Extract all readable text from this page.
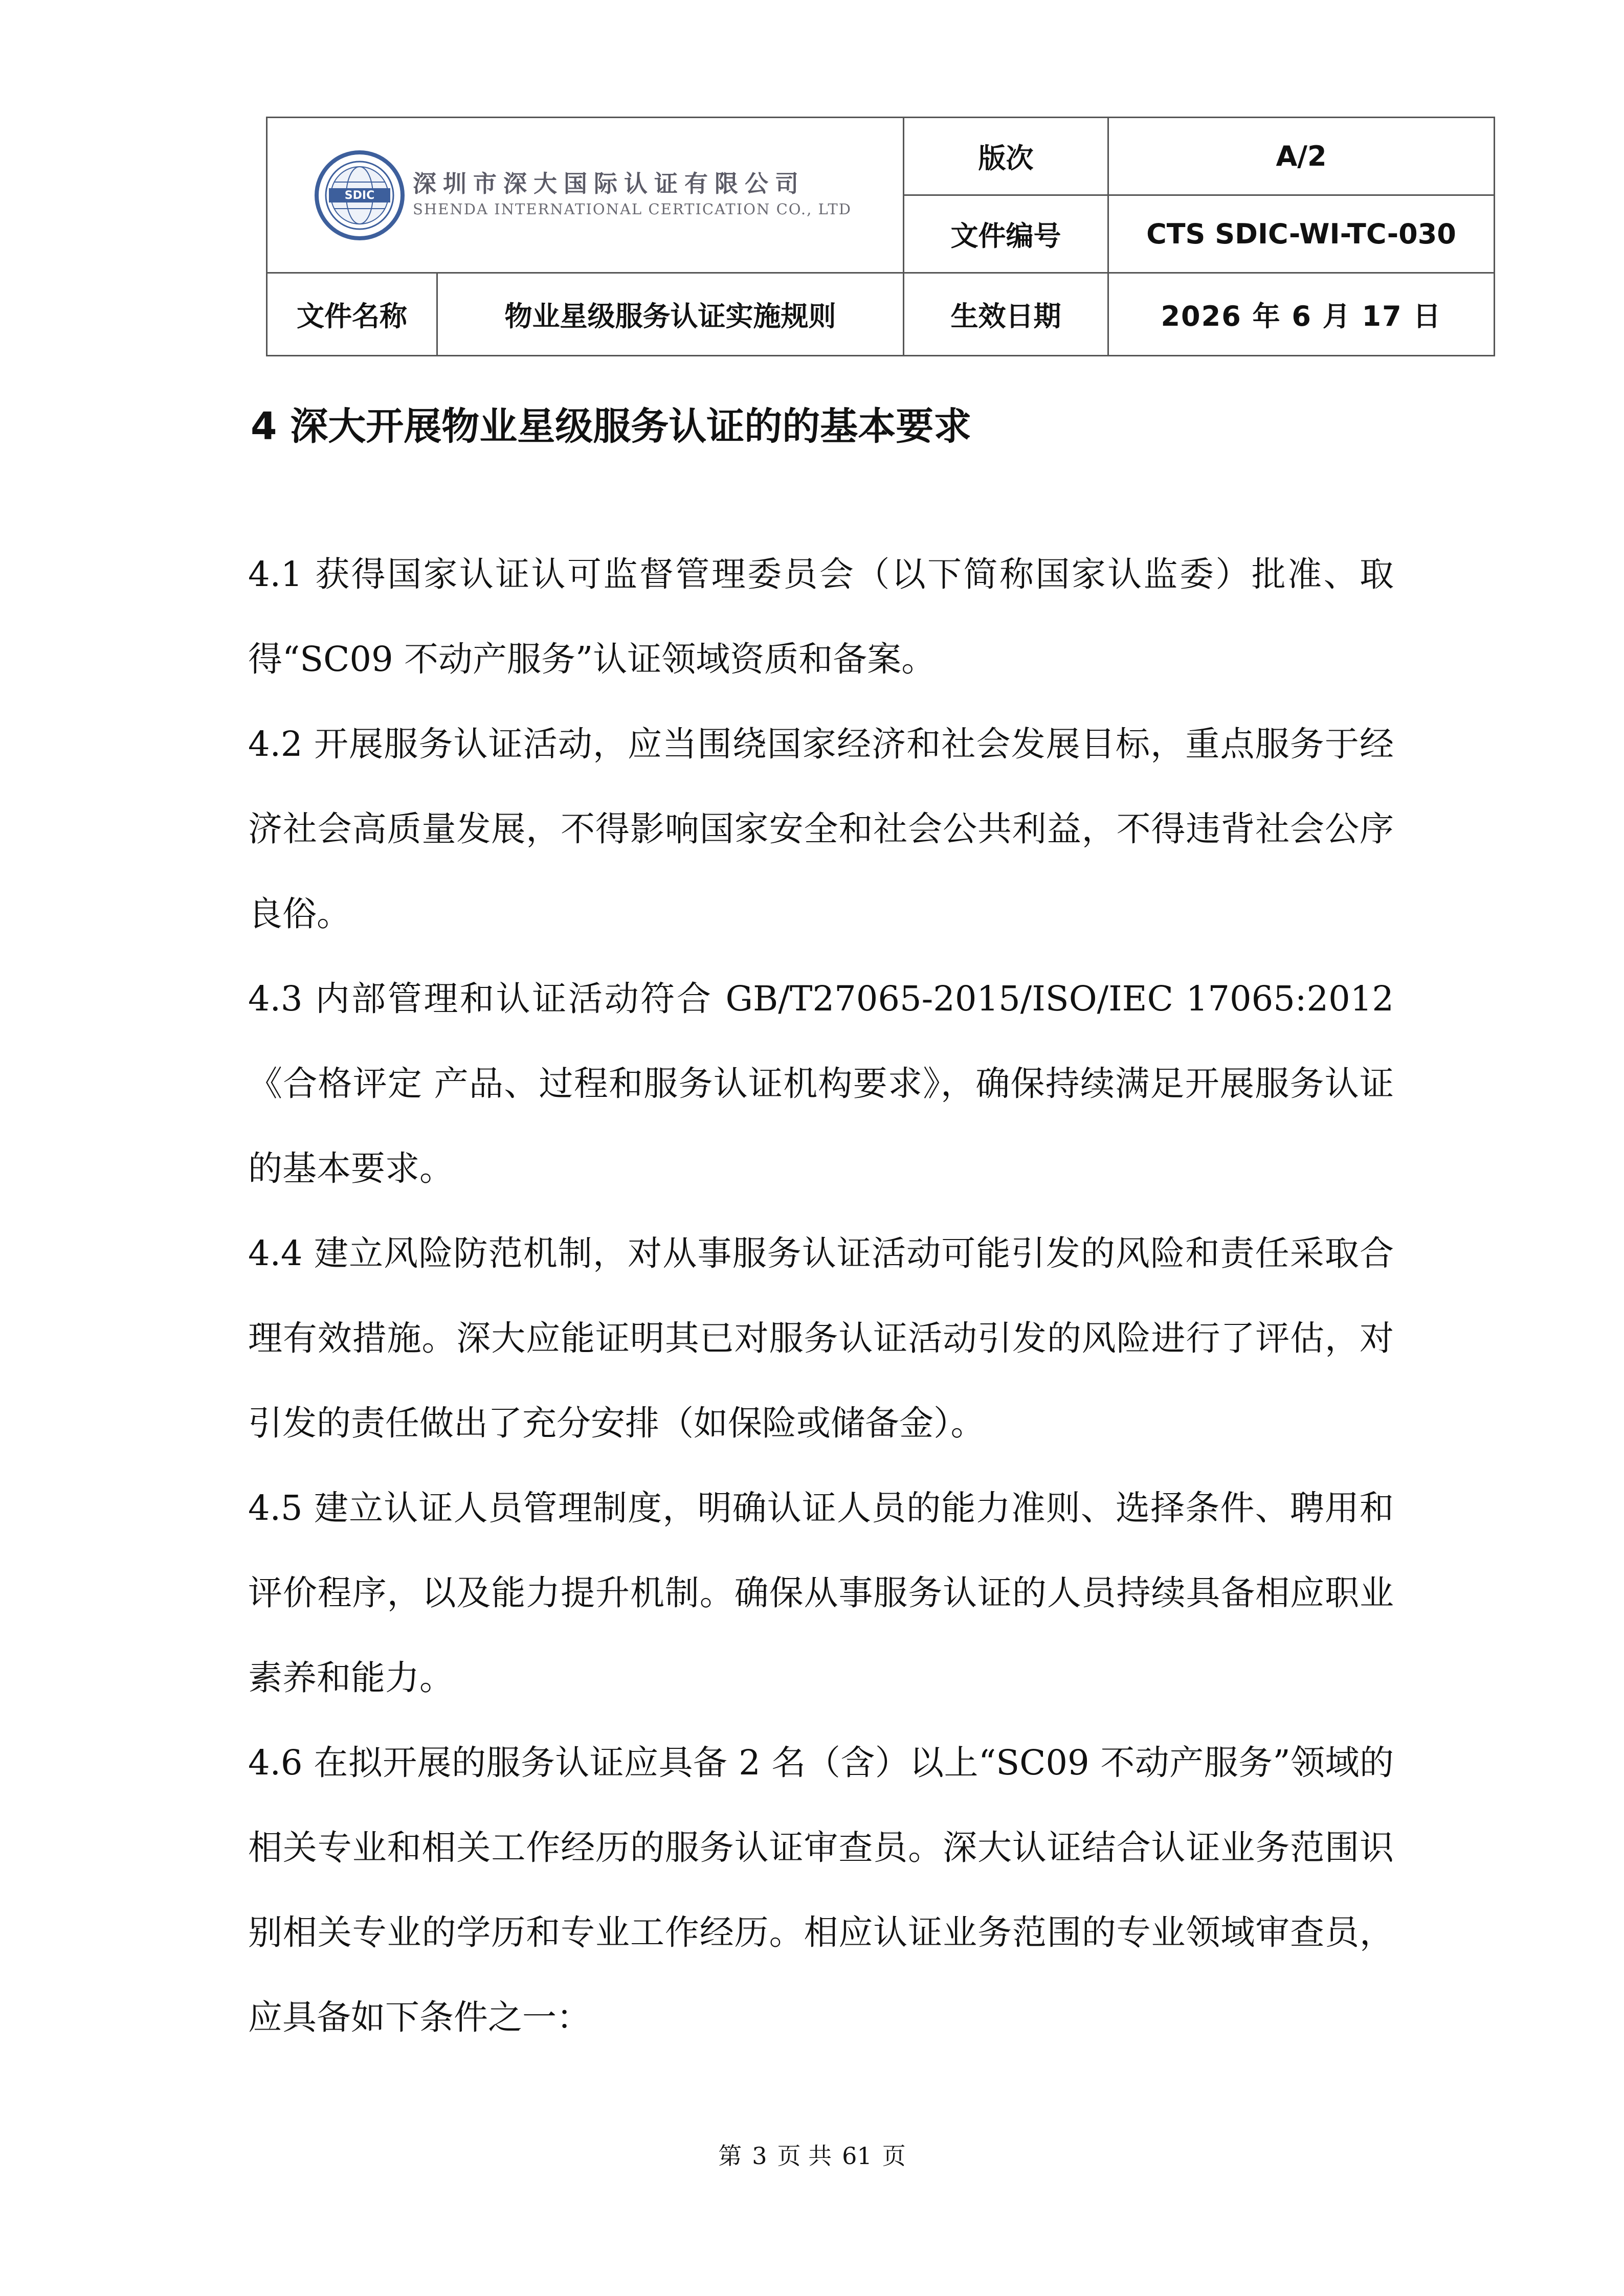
SDIC 深圳市深大国际认证有限公司
SHENDA INTERNATIONAL CERTICATION CO., LTD		版次	A/2
		文件编号	CTS SDIC-WI-TC-030
文件名称	物业星级服务认证实施规则	生效日期	2026 年 6 月 17 日
4 深大开展物业星级服务认证的的基本要求

4.1 获得国家认证认可监督管理委员会（以下简称国家认监委）批准、取得“SC09 不动产服务”认证领域资质和备案。

4.2 开展服务认证活动，应当围绕国家经济和社会发展目标，重点服务于经济社会高质量发展，不得影响国家安全和社会公共利益，不得违背社会公序良俗。

4.3 内部管理和认证活动符合 GB/T27065-2015/ISO/IEC 17065:2012《合格评定 产品、过程和服务认证机构要求》，确保持续满足开展服务认证的基本要求。

4.4 建立风险防范机制，对从事服务认证活动可能引发的风险和责任采取合理有效措施。深大应能证明其已对服务认证活动引发的风险进行了评估，对引发的责任做出了充分安排（如保险或储备金）。

4.5 建立认证人员管理制度，明确认证人员的能力准则、选择条件、聘用和评价程序，以及能力提升机制。确保从事服务认证的人员持续具备相应职业素养和能力。

4.6 在拟开展的服务认证应具备 2 名（含）以上“SC09 不动产服务”领域的相关专业和相关工作经历的服务认证审查员。深大认证结合认证业务范围识别相关专业的学历和专业工作经历。相应认证业务范围的专业领域审查员，应具备如下条件之一：

第 3 页 共 61 页
